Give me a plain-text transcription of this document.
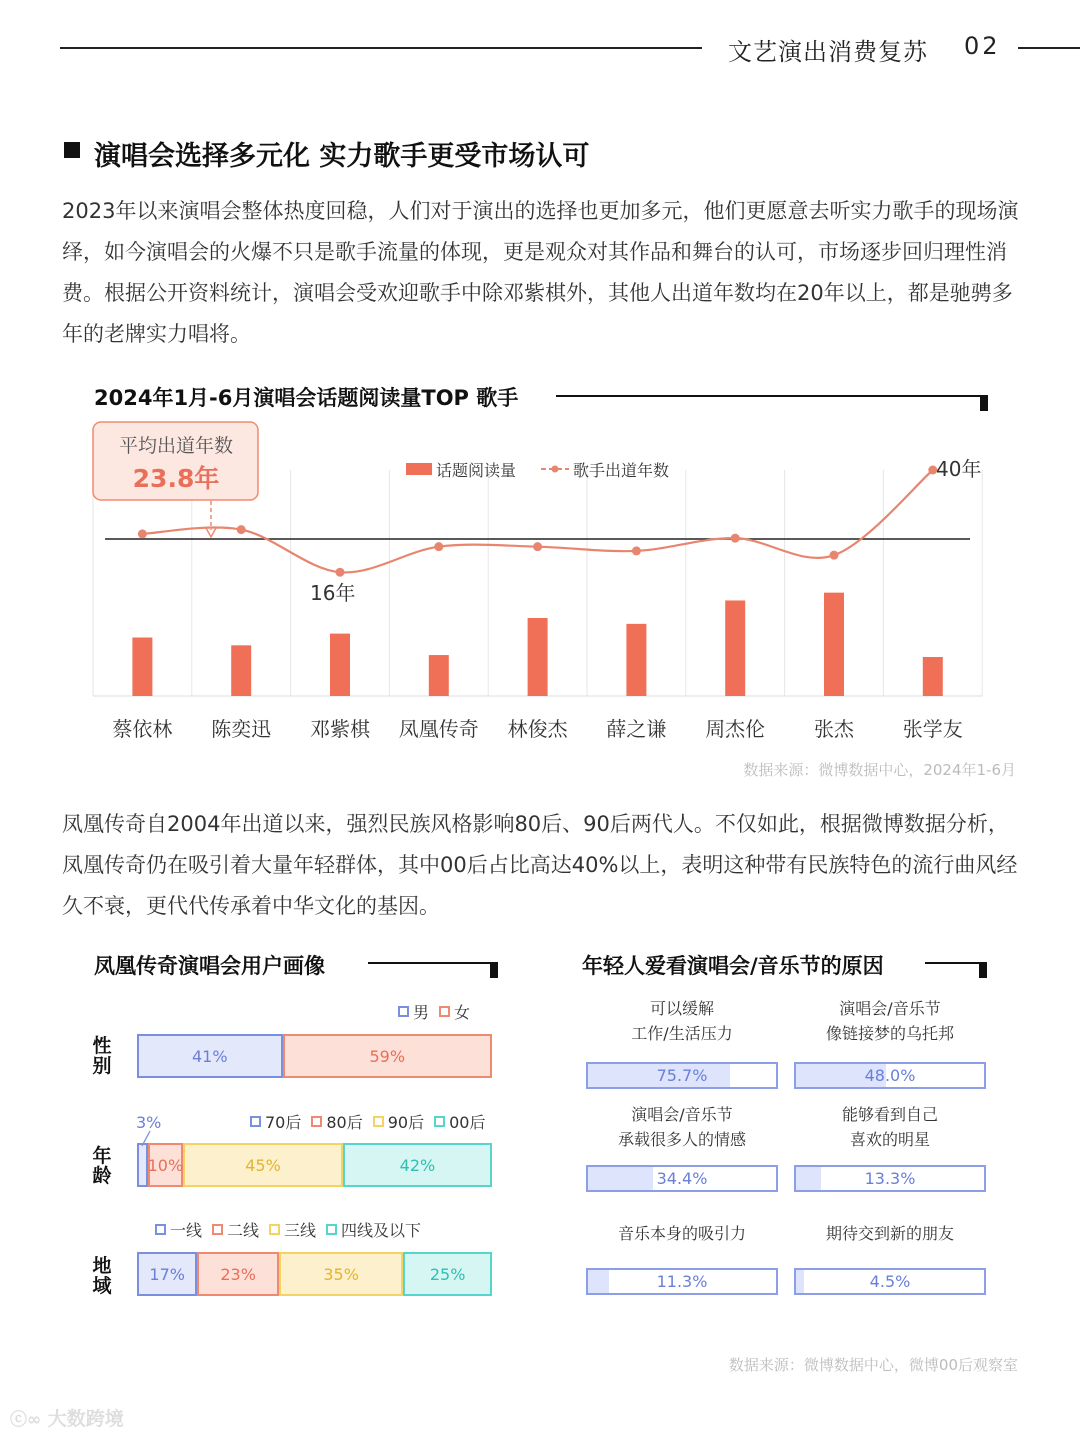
文艺演出消费复苏 02
演唱会选择多元化 实力歌手更受市场认可
2023年以来演唱会整体热度回稳，人们对于演出的选择也更加多元，他们更愿意去听实力歌手的现场演绎，如今演唱会的火爆不只是歌手流量的体现，更是观众对其作品和舞台的认可，市场逐步回归理性消费。根据公开资料统计，演唱会受欢迎歌手中除邓紫棋外，其他人出道年数均在20年以上，都是驰骋多年的老牌实力唱将。
2024年1月-6月演唱会话题阅读量TOP 歌手
蔡依林 陈奕迅 邓紫棋 凤凰传奇 林俊杰 薛之谦 周杰伦 张杰 张学友
平均出道年数
23.8年	话题阅读量	歌手出道年数
16年
40年
数据来源：微博数据中心，2024年1-6月
凤凰传奇自2004年出道以来，强烈民族风格影响80后、90后两代人。不仅如此，根据微博数据分析，凤凰传奇仍在吸引着大量年轻群体，其中00后占比高达40%以上，表明这种带有民族特色的流行曲风经久不衰，更代代传承着中华文化的基因。
凤凰传奇演唱会用户画像
性
别
男 女
41%	59%
年
龄
70后 80后 90后 00后
10%	45%	42%
地
域
一线 二线 三线 四线及以下
17%	23%	35%	25%
3%
年轻人爱看演唱会/音乐节的原因
可以缓解
工作/生活压力
75.7%
演唱会/音乐节
像链接梦的乌托邦
48.0%
演唱会/音乐节
承载很多人的情感
34.4%
能够看到自己
喜欢的明星
13.3%
音乐本身的吸引力
11.3%
期待交到新的朋友
4.5%
数据来源：微博数据中心，微博00后观察室
ⓒ∞ 大数跨境
